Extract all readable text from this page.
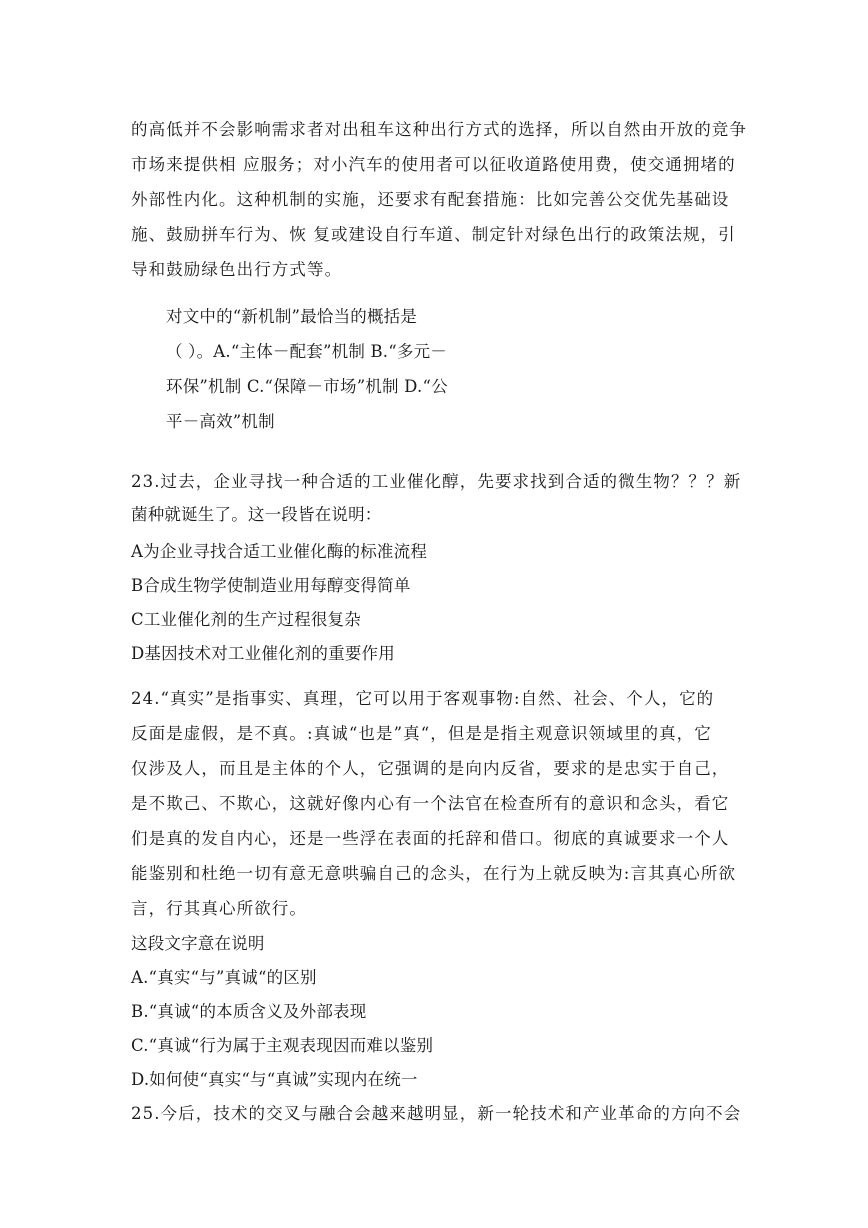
的高低并不会影响需求者对出租车这种出行方式的选择，所以自然由开放的竞争
市场来提供相 应服务；对小汽车的使用者可以征收道路使用费，使交通拥堵的
外部性内化。这种机制的实施，还要求有配套措施：比如完善公交优先基础设
施、鼓励拼车行为、恢 复或建设自行车道、制定针对绿色出行的政策法规，引
导和鼓励绿色出行方式等。
对文中的“新机制”最恰当的概括是
（ ）。A.“主体－配套”机制 B.“多元－
环保”机制 C.“保障－市场”机制 D.“公
平－高效”机制
23.过去，企业寻找一种合适的工业催化醇，先要求找到合适的微生物？？？新
菌种就诞生了。这一段皆在说明：
A为企业寻找合适工业催化酶的标准流程
B合成生物学使制造业用每醇变得简单
C工业催化剂的生产过程很复杂
D基因技术对工业催化剂的重要作用
24.“真实”是指事实、真理，它可以用于客观事物:自然、社会、个人，它的
反面是虚假，是不真。:真诚“也是”真“，但是是指主观意识领域里的真，它
仅涉及人，而且是主体的个人，它强调的是向内反省，要求的是忠实于自己，
是不欺己、不欺心，这就好像内心有一个法官在检查所有的意识和念头，看它
们是真的发自内心，还是一些浮在表面的托辞和借口。彻底的真诚要求一个人
能鉴别和杜绝一切有意无意哄骗自己的念头，在行为上就反映为:言其真心所欲
言，行其真心所欲行。
这段文字意在说明
A.“真实“与”真诚“的区别
B.“真诚“的本质含义及外部表现
C.“真诚“行为属于主观表现因而难以鉴别
D.如何使“真实“与“真诚”实现内在统一
25.今后，技术的交叉与融合会越来越明显，新一轮技术和产业革命的方向不会
